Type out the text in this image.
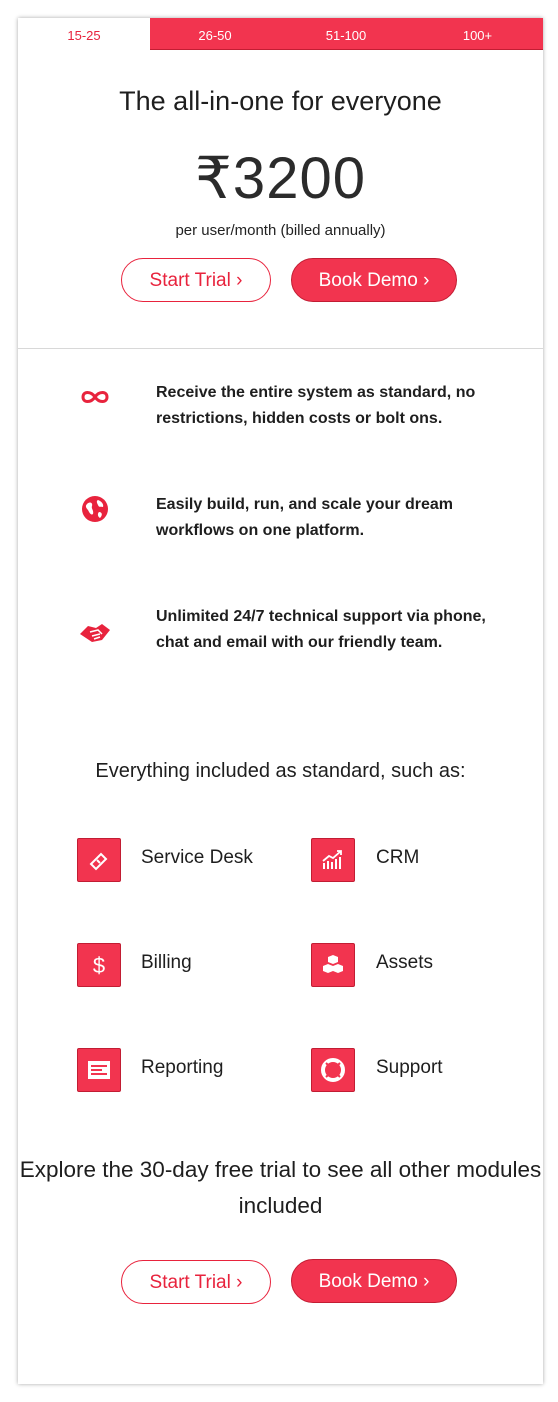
15-25	26-50	51-100	100+
The all-in-one for everyone
₹3200
per user/month (billed annually)
Start Trial ›	Book Demo ›
Receive the entire system as standard, no restrictions, hidden costs or bolt ons.
Easily build, run, and scale your dream workflows on one platform.
Unlimited 24/7 technical support via phone, chat and email with our friendly team.
Everything included as standard, such as:
Service Desk	CRM
$ Billing	Assets
Reporting	Support
Explore the 30-day free trial to see all other modules included
Start Trial ›	Book Demo ›
